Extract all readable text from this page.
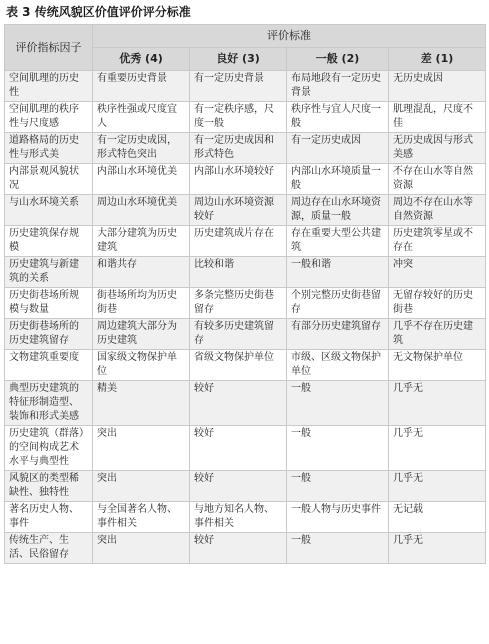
表 3 传统风貌区价值评价评分标准
评价指标因子	评价标准			
	优秀 (4)	良好 (3)	一般 (2)	差 (1)
空间肌理的历史性	有重要历史背景	有一定历史背景	布局地段有一定历史背景	无历史成因
空间肌理的秩序性与尺度感	秩序性强或尺度宜人	有一定秩序感，尺度一般	秩序性与宜人尺度一般	肌理混乱，尺度不佳
道路格局的历史性与形式美	有一定历史成因，形式特色突出	有一定历史成因和形式特色	有一定历史成因	无历史成因与形式美感
内部景观风貌状况	内部山水环境优美	内部山水环境较好	内部山水环境质量一般	不存在山水等自然资源
与山水环境关系	周边山水环境优美	周边山水环境资源较好	周边存在山水环境资源，质量一般	周边不存在山水等自然资源
历史建筑保存规模	大部分建筑为历史建筑	历史建筑成片存在	存在重要大型公共建筑	历史建筑零星或不存在
历史建筑与新建筑的关系	和谐共存	比较和谐	一般和谐	冲突
历史街巷场所规模与数量	街巷场所均为历史街巷	多条完整历史街巷留存	个别完整历史街巷留存	无留存较好的历史街巷
历史街巷场所的历史建筑留存	周边建筑大部分为历史建筑	有较多历史建筑留存	有部分历史建筑留存	几乎不存在历史建筑
文物建筑重要度	国家级文物保护单位	省级文物保护单位	市级、区级文物保护单位	无文物保护单位
典型历史建筑的特征形制造型、装饰和形式美感	精美	较好	一般	几乎无
历史建筑（群落）的空间构成艺术水平与典型性	突出	较好	一般	几乎无
风貌区的类型稀缺性、独特性	突出	较好	一般	几乎无
著名历史人物、事件	与全国著名人物、事件相关	与地方知名人物、事件相关	一般人物与历史事件	无记载
传统生产、生活、民俗留存	突出	较好	一般	几乎无
